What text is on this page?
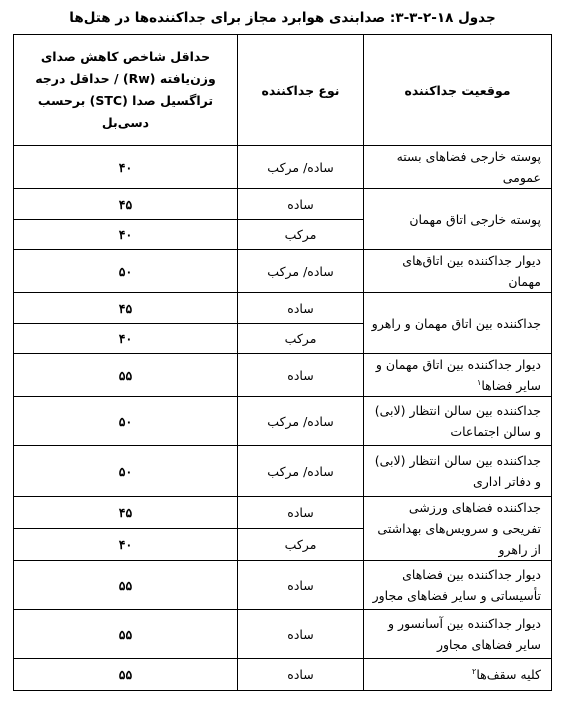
جدول ۱۸-۲-۳-۳: صدابندی هوابرد مجاز برای جداکننده‌ها در هتل‌ها
موقعیت جداکننده	نوع جداکننده	حداقل شاخص کاهش صدای وزن‌یافته (Rw) / حداقل درجه تراگسیل صدا (STC) برحسب دسی‌بل
پوسته خارجی فضاهای بسته عمومی	ساده/ مرکب	۴۰
پوسته خارجی اتاق مهمان	ساده	۴۵
	مرکب	۴۰
دیوار جداکننده بین اتاق‌های مهمان	ساده/ مرکب	۵۰
جداکننده بین اتاق مهمان و راهرو	ساده	۴۵
	مرکب	۴۰
دیوار جداکننده بین اتاق مهمان و سایر فضاها$^۱$	ساده	۵۵
جداکننده بین سالن انتظار (لابی) و سالن اجتماعات	ساده/ مرکب	۵۰
جداکننده بین سالن انتظار (لابی) و دفاتر اداری	ساده/ مرکب	۵۰
جداکننده فضاهای ورزشی تفریحی و سرویس‌های بهداشتی از راهرو	ساده	۴۵
	مرکب	۴۰
دیوار جداکننده بین فضاهای تأسیساتی و سایر فضاهای مجاور	ساده	۵۵
دیوار جداکننده بین آسانسور و سایر فضاهای مجاور	ساده	۵۵
کلیه سقف‌ها$^۲$	ساده	۵۵
